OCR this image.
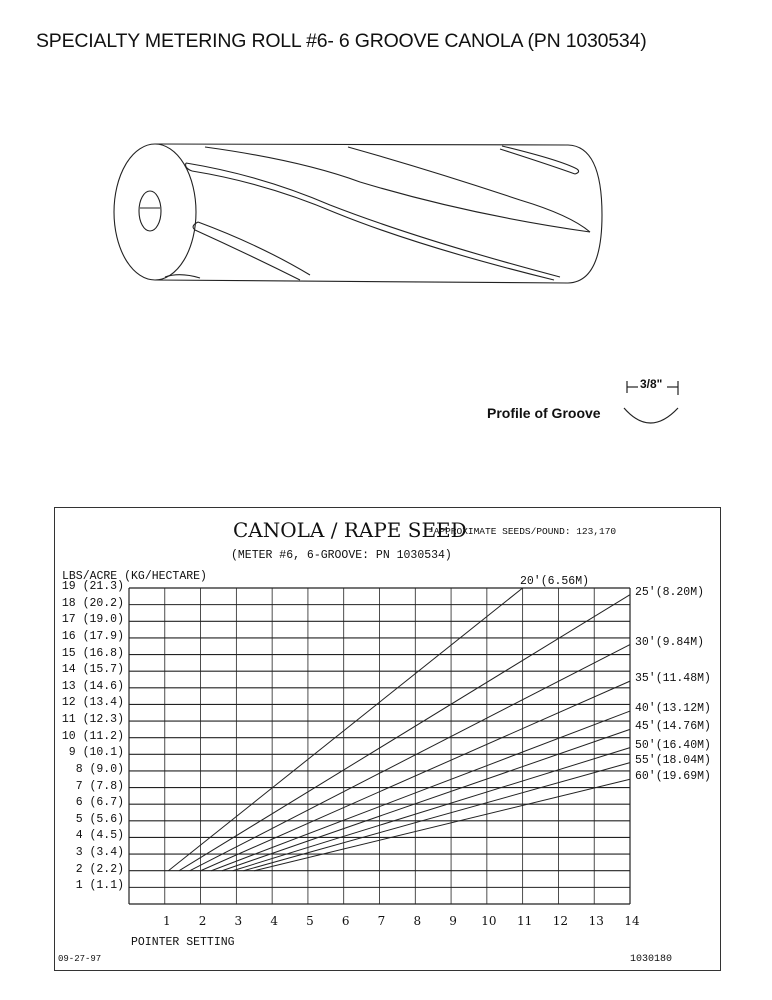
SPECIALTY METERING ROLL #6- 6 GROOVE CANOLA (PN 1030534)
Profile of Groove
3/8"
CANOLA / RAPE SEED
-APPROXIMATE SEEDS/POUND: 123,170
(METER #6, 6-GROOVE: PN 1030534)
LBS/ACRE (KG/HECTARE)
POINTER SETTING
09-27-97	1030180
1 (1.1)
2 (2.2)
3 (3.4)
4 (4.5)
5 (5.6)
6 (6.7)
7 (7.8)
8 (9.0)
9 (10.1)
10 (11.2)
11 (12.3)
12 (13.4)
13 (14.6)
14 (15.7)
15 (16.8)
16 (17.9)
17 (19.0)
18 (20.2)
19 (21.3)
1	2	3	4	5	6	7	8	9	10 11 12 13 14
20'(6.56M)
25'(8.20M)
30'(9.84M)
35'(11.48M)
40'(13.12M)
45'(14.76M)
50'(16.40M)
55'(18.04M)
60'(19.69M)
